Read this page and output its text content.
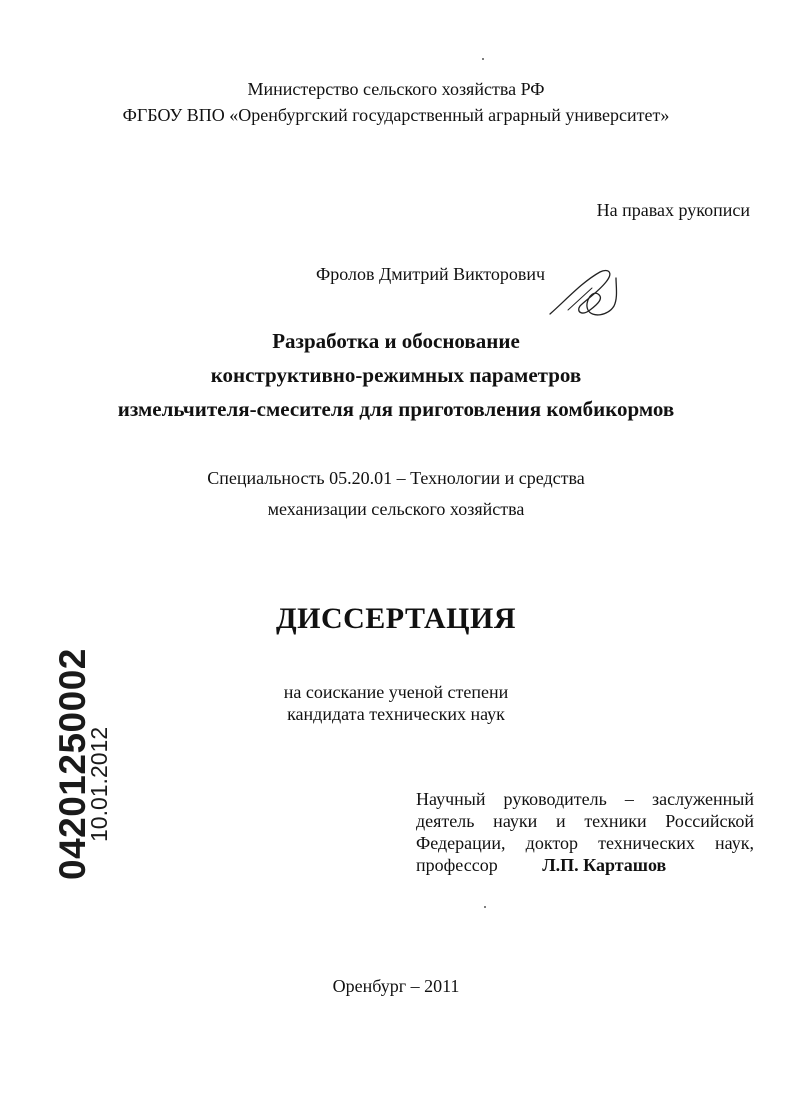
Министерство сельского хозяйства РФ
ФГБОУ ВПО «Оренбургский государственный аграрный университет»
На правах рукописи
Фролов Дмитрий Викторович
Разработка и обоснование
конструктивно-режимных параметров
измельчителя-смесителя для приготовления комбикормов
Специальность 05.20.01 – Технологии и средства
механизации сельского хозяйства
ДИССЕРТАЦИЯ
на соискание ученой степени
кандидата технических наук
Научный руководитель – заслуженный
деятель науки и техники Российской
Федерации, доктор технических наук,
профессор Л.П. Карташов
Оренбург – 2011
04201250002
10.01.2012
